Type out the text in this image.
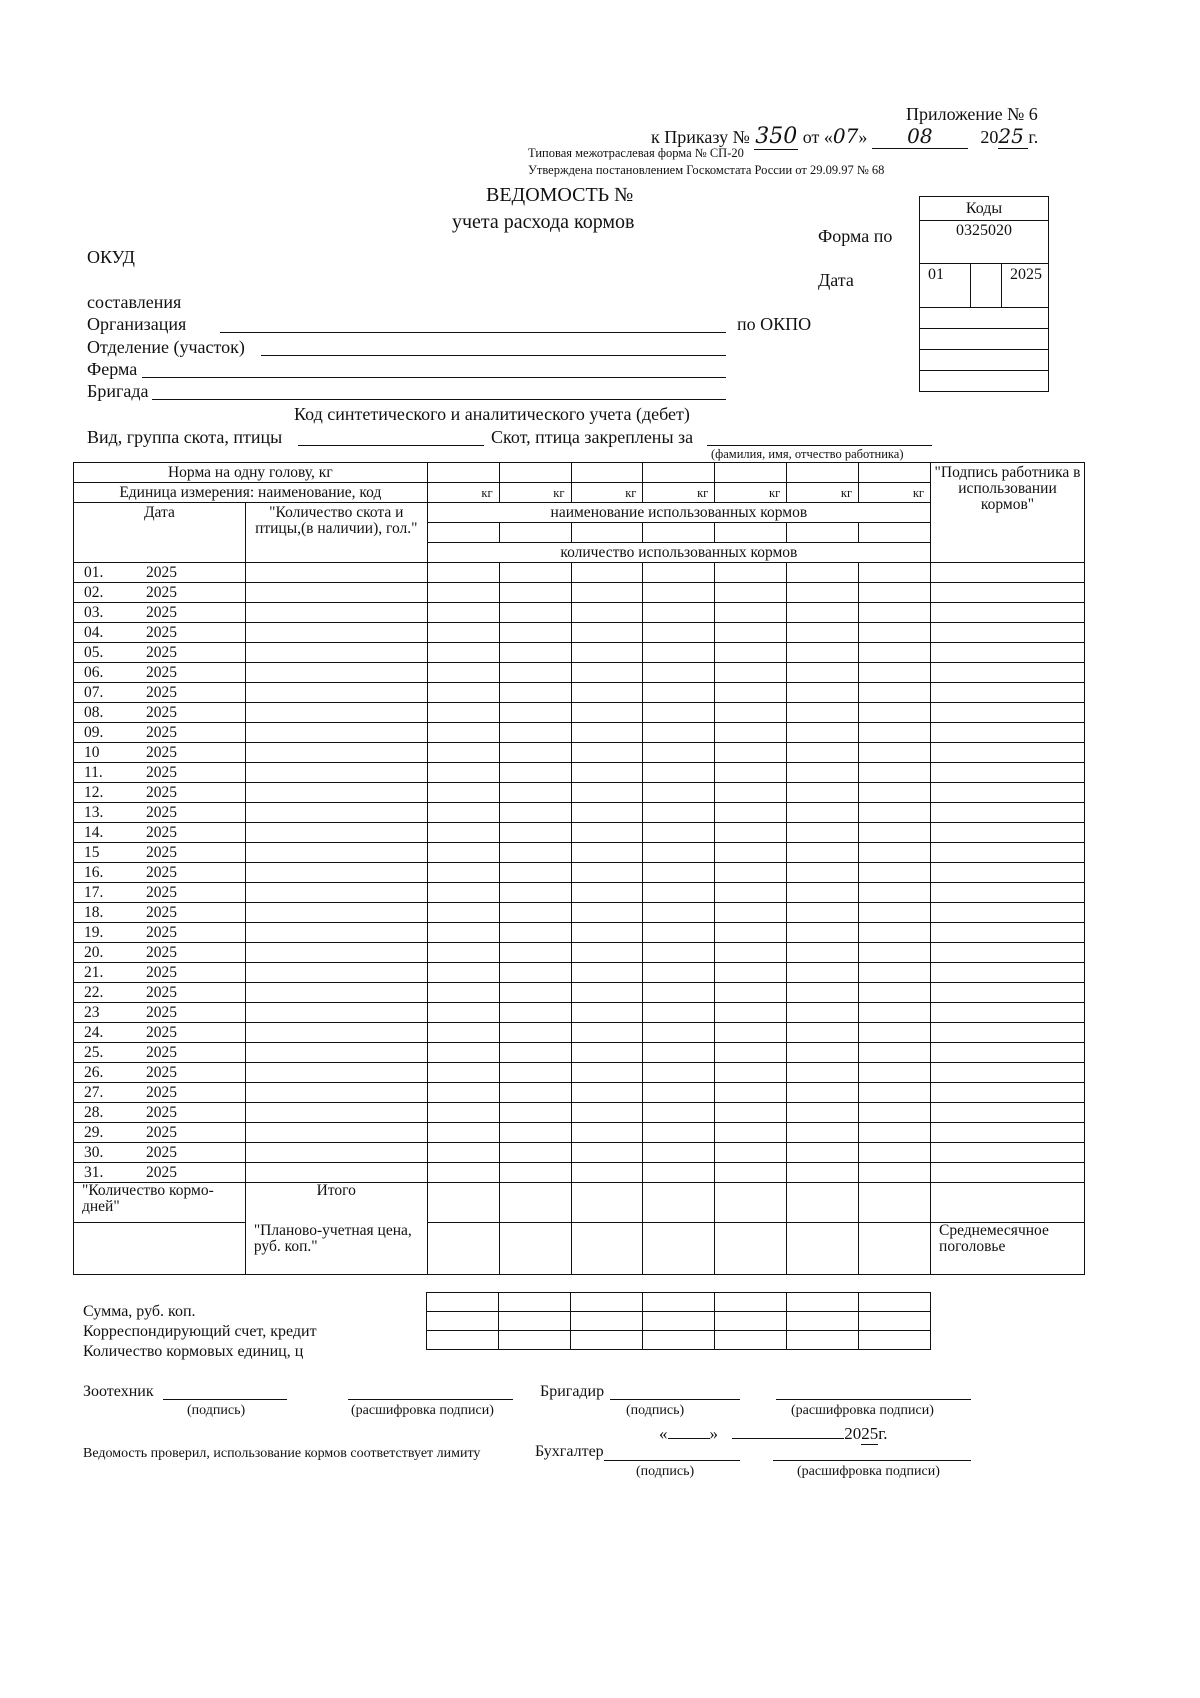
Приложение № 6
к Приказу № 350 от «07» 08	2025 г.
Типовая межотраслевая форма № СП-20
Утверждена постановлением Госкомстата России от 29.09.97 № 68
ВЕДОМОСТЬ №
учета расхода кормов
Коды
0325020
01		2025

Форма по
ОКУД
Дата
составления
Организация	по ОКПО
Отделение (участок)
Ферма
Бригада
Код синтетического и аналитического учета (дебет)
Вид, группа скота, птицы	Скот, птица закреплены за
(фамилия, имя, отчество работника)
Норма на одну голову, кг									"Подпись работника в использовании кормов"
Единица измерения: наименование, код		кг	кг	кг	кг	кг	кг	кг	
Дата	"Количество скота и птицы,(в наличии), гол."	наименование использованных кормов							

		количество использованных кормов							
01. 2025									
02. 2025									
03. 2025									
04. 2025									
05. 2025									
06. 2025									
07. 2025									
08. 2025									
09. 2025									
10 2025									
11. 2025									
12. 2025									
13. 2025									
14. 2025									
15 2025									
16. 2025									
17. 2025									
18. 2025									
19. 2025									
20. 2025									
21. 2025									
22. 2025									
23 2025									
24. 2025									
25. 2025									
26. 2025									
27. 2025									
28. 2025									
29. 2025									
30. 2025									
31. 2025									
"Количество кормо-дней"	Итого								
	"Планово-учетная цена, руб. коп."								Среднемесячное поголовье
Сумма, руб. коп.
Корреспондирующий счет, кредит
Количество кормовых единиц, ц

Зоотехник
(подпись)	(расшифровка подписи)
Бригадир
(подпись)	(расшифровка подписи)
« »	2025г.
Ведомость проверил, использование кормов соответствует лимиту	Бухгалтер
(подпись)	(расшифровка подписи)
